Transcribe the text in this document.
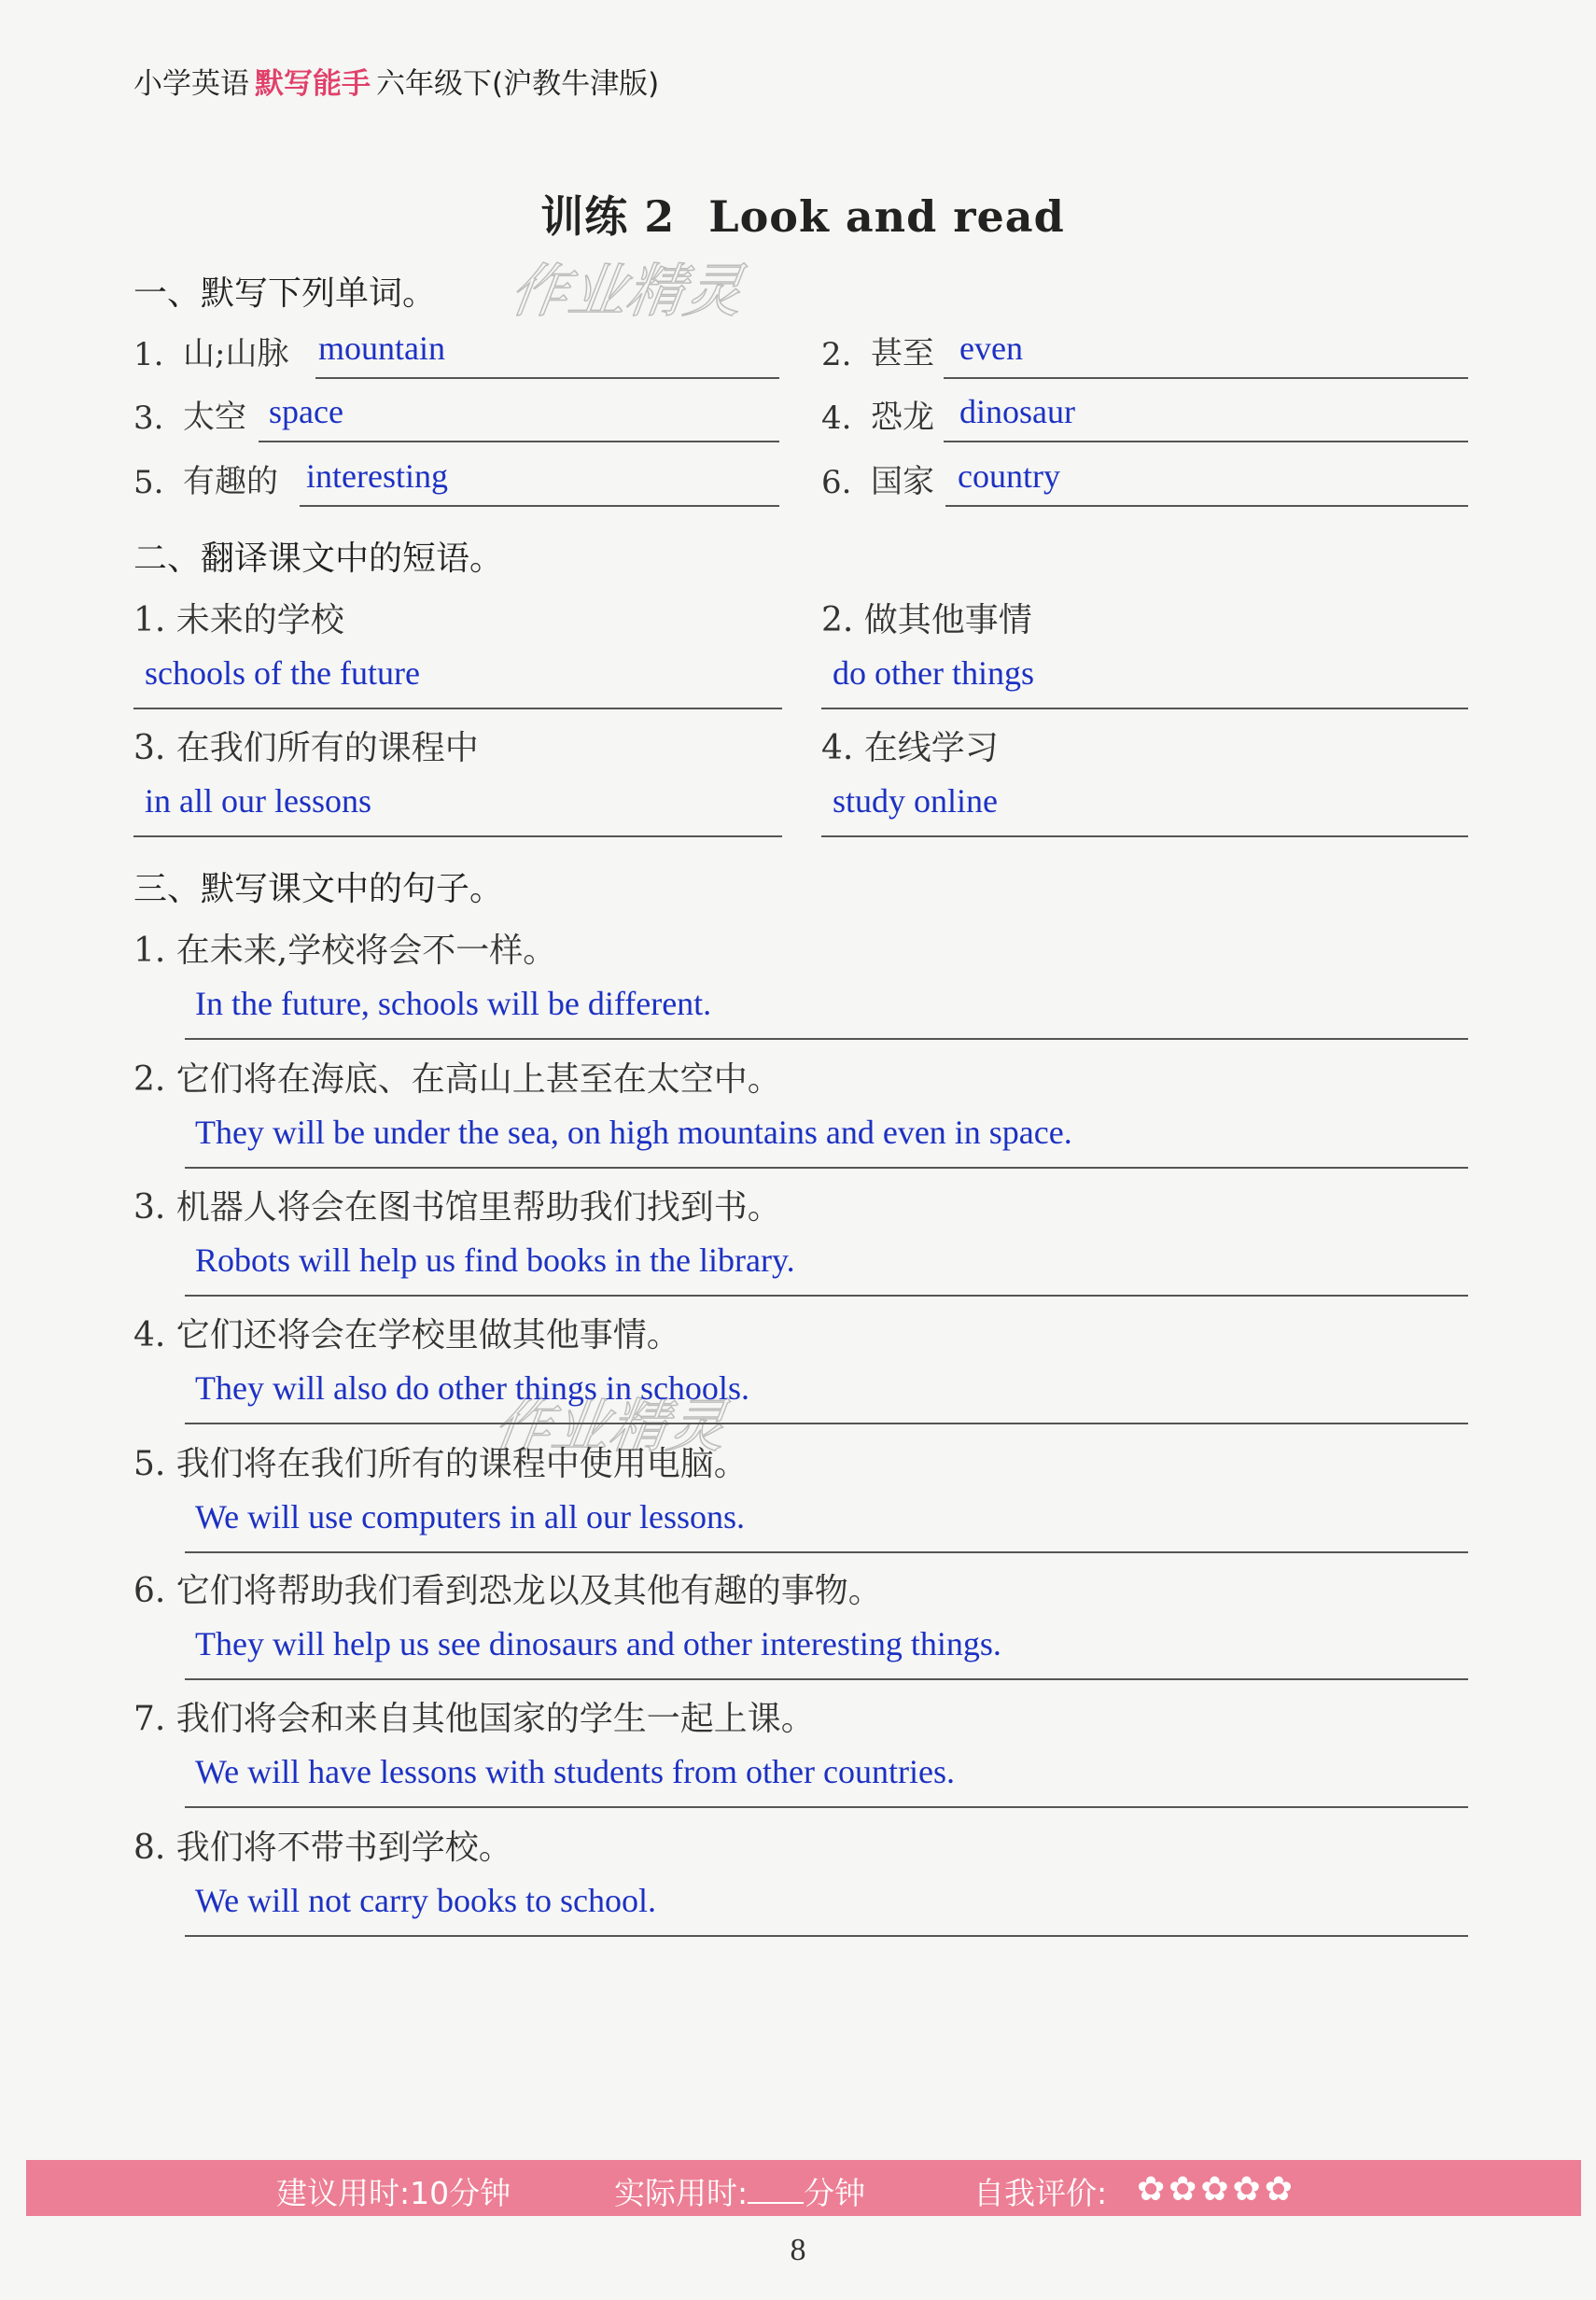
小学英语 默写能手 六年级下(沪教牛津版)
训练 2 Look and read
作业精灵
作业精灵
一、默写下列单词。
1. 山;山脉 mountain	2. 甚至 even
3. 太空 space	4. 恐龙 dinosaur
5. 有趣的 interesting	6. 国家 country
二、翻译课文中的短语。
1. 未来的学校
schools of the future
2. 做其他事情
do other things
3. 在我们所有的课程中
in all our lessons
4. 在线学习
study online
三、默写课文中的句子。
1. 在未来,学校将会不一样。
In the future, schools will be different.
2. 它们将在海底、在高山上甚至在太空中。
They will be under the sea, on high mountains and even in space.
3. 机器人将会在图书馆里帮助我们找到书。
Robots will help us find books in the library.
4. 它们还将会在学校里做其他事情。
They will also do other things in schools.
5. 我们将在我们所有的课程中使用电脑。
We will use computers in all our lessons.
6. 它们将帮助我们看到恐龙以及其他有趣的事物。
They will help us see dinosaurs and other interesting things.
7. 我们将会和来自其他国家的学生一起上课。
We will have lessons with students from other countries.
8. 我们将不带书到学校。
We will not carry books to school.
建议用时:10分钟	实际用时: 分钟	自我评价: ✿ ✿ ✿ ✿ ✿
8
